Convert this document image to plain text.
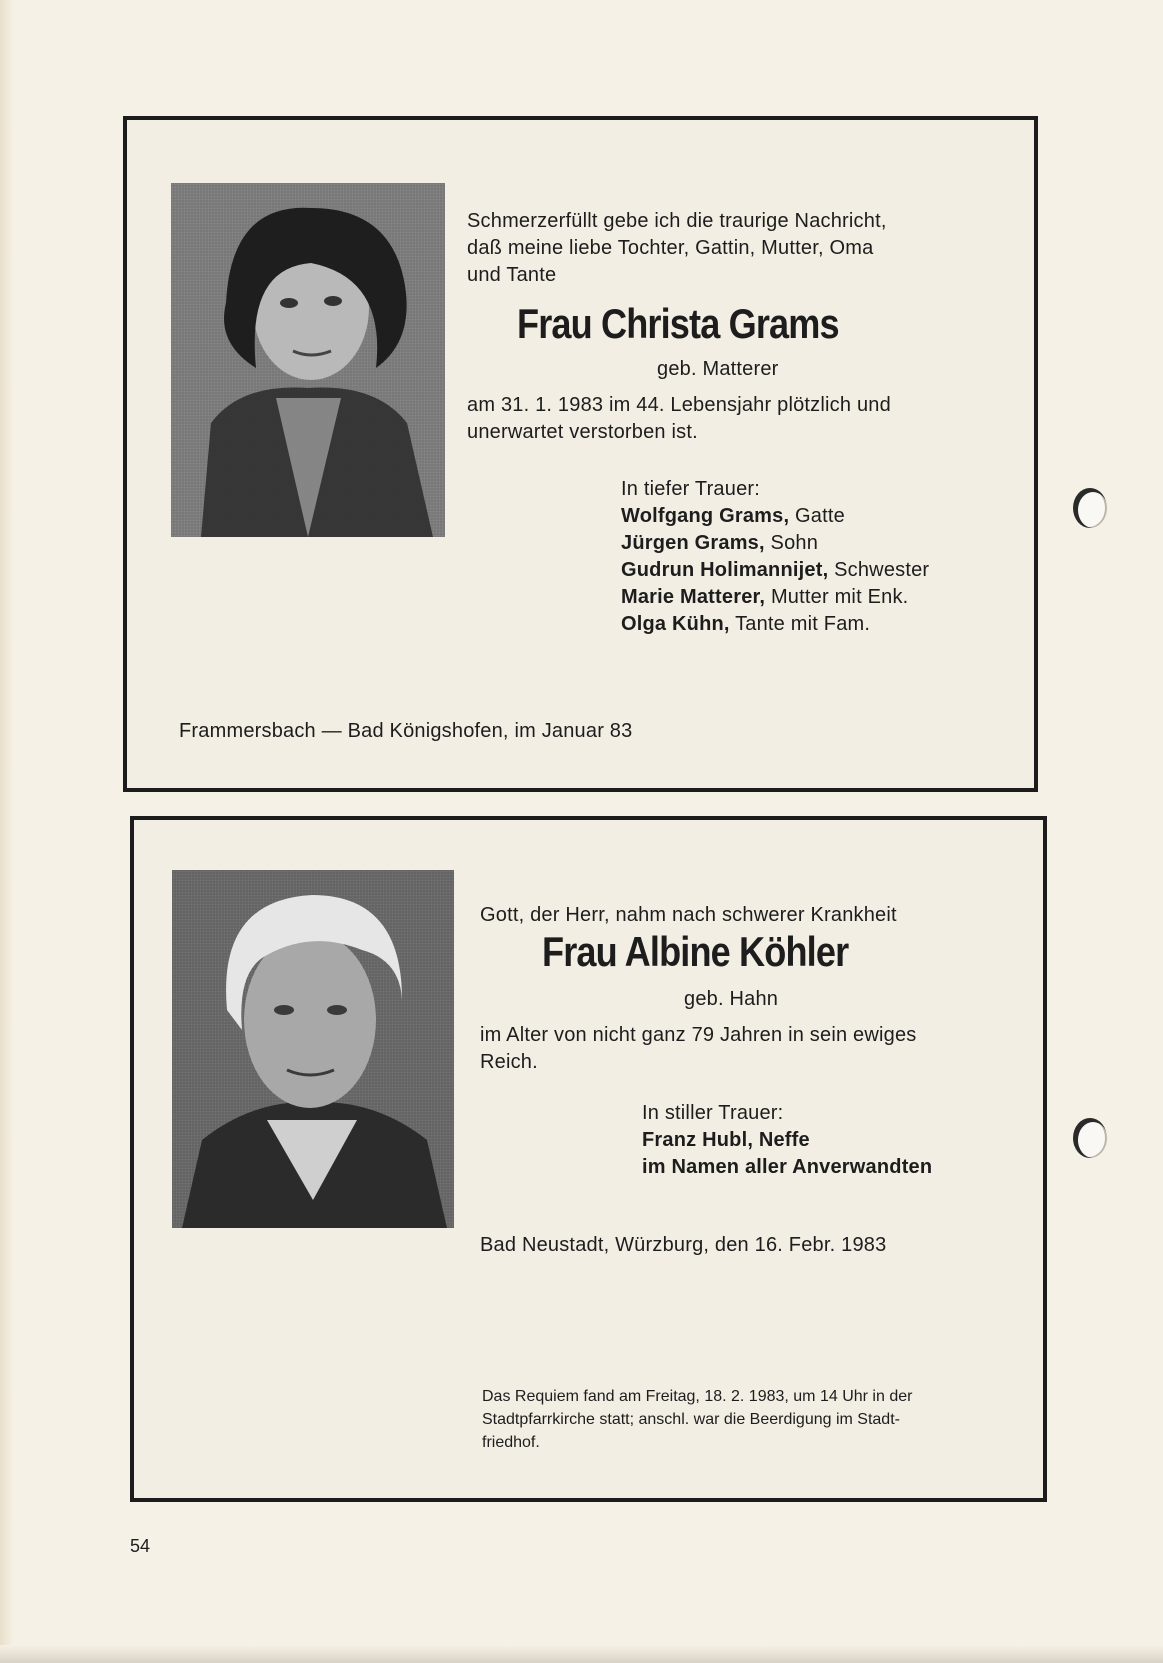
Schmerzerfüllt gebe ich die traurige Nachricht,
daß meine liebe Tochter, Gattin, Mutter, Oma
und Tante
Frau Christa Grams
geb. Matterer
am 31. 1. 1983 im 44. Lebensjahr plötzlich und
unerwartet verstorben ist.
In tiefer Trauer:
Wolfgang Grams, Gatte
Jürgen Grams, Sohn
Gudrun Holimannijet, Schwester
Marie Matterer, Mutter mit Enk.
Olga Kühn, Tante mit Fam.
Frammersbach — Bad Königshofen, im Januar 83
Gott, der Herr, nahm nach schwerer Krankheit
Frau Albine Köhler
geb. Hahn
im Alter von nicht ganz 79 Jahren in sein ewiges
Reich.
In stiller Trauer:
Franz Hubl, Neffe
im Namen aller Anverwandten
Bad Neustadt, Würzburg, den 16. Febr. 1983
Das Requiem fand am Freitag, 18. 2. 1983, um 14 Uhr in der
Stadtpfarrkirche statt; anschl. war die Beerdigung im Stadt-
friedhof.
54
